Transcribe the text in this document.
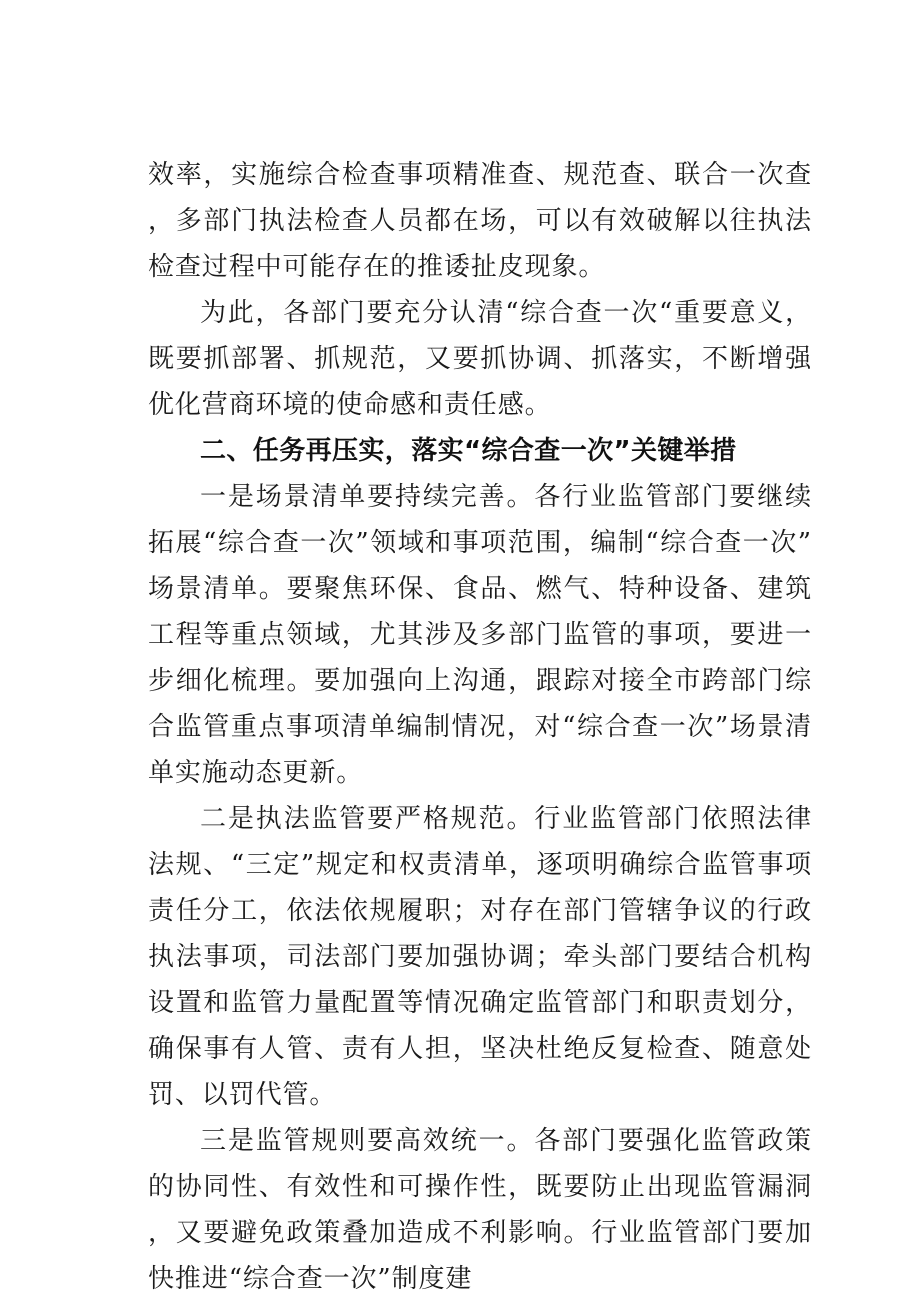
效率，实施综合检查事项精准查、规范查、联合一次查，多部门执法检查人员都在场，可以有效破解以往执法检查过程中可能存在的推诿扯皮现象。

为此，各部门要充分认清“综合查一次“重要意义，既要抓部署、抓规范，又要抓协调、抓落实，不断增强优化营商环境的使命感和责任感。

二、任务再压实，落实“综合查一次”关键举措

一是场景清单要持续完善。各行业监管部门要继续拓展“综合查一次”领域和事项范围，编制“综合查一次”场景清单。要聚焦环保、食品、燃气、特种设备、建筑工程等重点领域，尤其涉及多部门监管的事项，要进一步细化梳理。要加强向上沟通，跟踪对接全市跨部门综合监管重点事项清单编制情况，对“综合查一次”场景清单实施动态更新。

二是执法监管要严格规范。行业监管部门依照法律法规、“三定”规定和权责清单，逐项明确综合监管事项责任分工，依法依规履职；对存在部门管辖争议的行政执法事项，司法部门要加强协调；牵头部门要结合机构设置和监管力量配置等情况确定监管部门和职责划分，确保事有人管、责有人担，坚决杜绝反复检查、随意处罚、以罚代管。

三是监管规则要高效统一。各部门要强化监管政策的协同性、有效性和可操作性，既要防止出现监管漏洞，又要避免政策叠加造成不利影响。行业监管部门要加快推进“综合查一次”制度建
